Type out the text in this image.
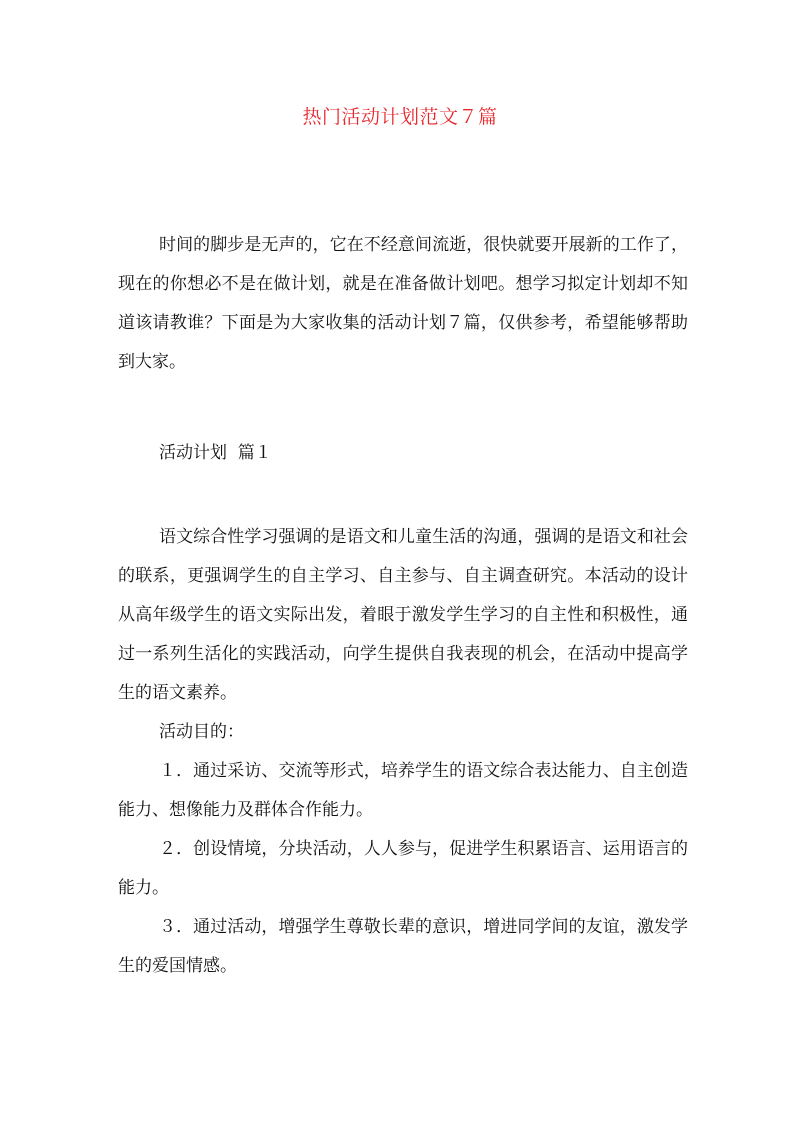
热门活动计划范文７篇

时间的脚步是无声的，它在不经意间流逝，很快就要开展新的工作了，现在的你想必不是在做计划，就是在准备做计划吧。想学习拟定计划却不知道该请教谁？下面是为大家收集的活动计划７篇，仅供参考，希望能够帮助到大家。

活动计划  篇１

语文综合性学习强调的是语文和儿童生活的沟通，强调的是语文和社会的联系，更强调学生的自主学习、自主参与、自主调查研究。本活动的设计从高年级学生的语文实际出发，着眼于激发学生学习的自主性和积极性，通过一系列生活化的实践活动，向学生提供自我表现的机会，在活动中提高学生的语文素养。

活动目的：

１．通过采访、交流等形式，培养学生的语文综合表达能力、自主创造能力、想像能力及群体合作能力。

２．创设情境，分块活动，人人参与，促进学生积累语言、运用语言的能力。

３．通过活动，增强学生尊敬长辈的意识，增进同学间的友谊，激发学生的爱国情感。
